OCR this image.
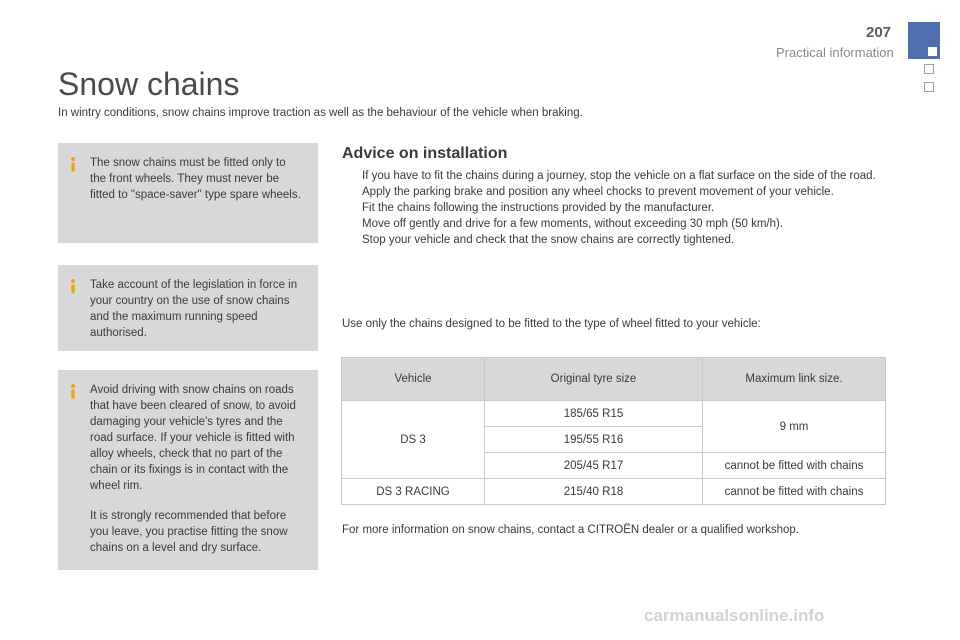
207
Practical information
Snow chains
In wintry conditions, snow chains improve traction as well as the behaviour of the vehicle when braking.

The snow chains must be fitted only to the front wheels. They must never be fitted to "space-saver" type spare wheels.

Take account of the legislation in force in your country on the use of snow chains and the maximum running speed authorised.

Avoid driving with snow chains on roads that have been cleared of snow, to avoid damaging your vehicle's tyres and the road surface. If your vehicle is fitted with alloy wheels, check that no part of the chain or its fixings is in contact with the wheel rim.

It is strongly recommended that before you leave, you practise fitting the snow chains on a level and dry surface.

Advice on installation
If you have to fit the chains during a journey, stop the vehicle on a flat surface on the side of the road.
Apply the parking brake and position any wheel chocks to prevent movement of your vehicle.
Fit the chains following the instructions provided by the manufacturer.
Move off gently and drive for a few moments, without exceeding 30 mph (50 km/h).
Stop your vehicle and check that the snow chains are correctly tightened.
Use only the chains designed to be fitted to the type of wheel fitted to your vehicle:
Vehicle	Original tyre size	Maximum link size.
DS 3	185/65 R15	9 mm
	195/55 R16	
	205/45 R17	cannot be fitted with chains
DS 3 RACING	215/40 R18	cannot be fitted with chains
For more information on snow chains, contact a CITROËN dealer or a qualified workshop.
carmanualsonline.info
